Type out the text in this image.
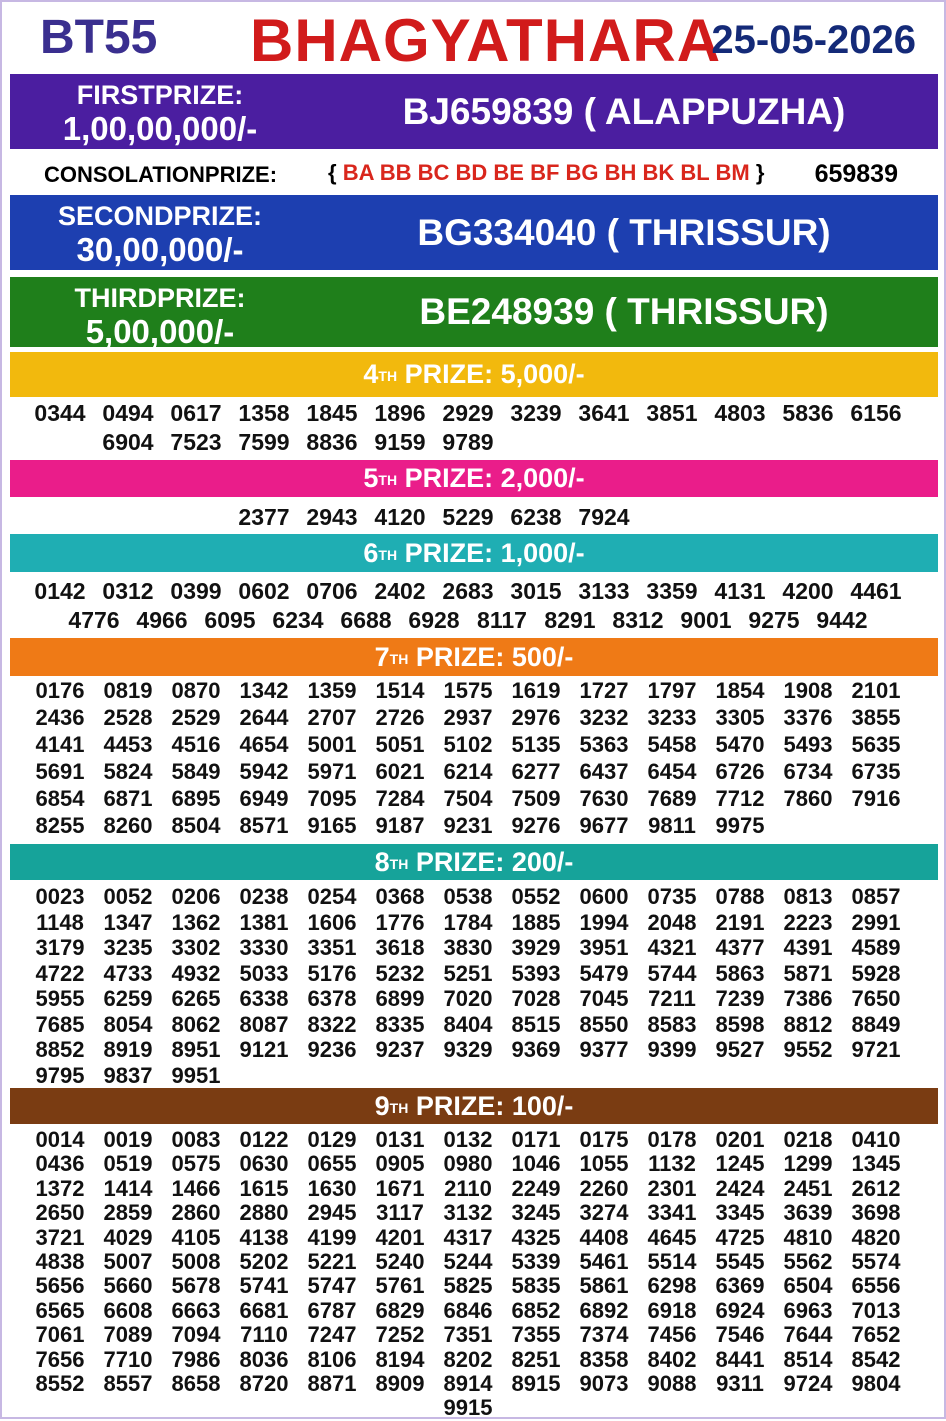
BT55 BHAGYATHARA
25-05-2026
FIRSTPRIZE:
1,00,00,000/-	BJ659839 ( ALAPPUZHA)
CONSOLATIONPRIZE: { BA BB BC BD BE BF BG BH BK BL BM } 659839
SECONDPRIZE:
30,00,000/-	BG334040 ( THRISSUR)
THIRDPRIZE:
5,00,000/-	BE248939 ( THRISSUR)
4TH PRIZE: 5,000/-
0344 0494 0617 1358 1845 1896 2929 3239 3641 3851 4803 5836 6156
6904 7523 7599 8836 9159 9789
5TH PRIZE: 2,000/-
2377 2943 4120 5229 6238 7924
6TH PRIZE: 1,000/-
0142 0312 0399 0602 0706 2402 2683 3015 3133 3359 4131 4200 4461
4776 4966 6095 6234 6688 6928 8117 8291 8312 9001 9275 9442
7TH PRIZE: 500/-
0176 0819 0870 1342 1359 1514 1575 1619 1727 1797 1854 1908 2101
2436 2528 2529 2644 2707 2726 2937 2976 3232 3233 3305 3376 3855
4141 4453 4516 4654 5001 5051 5102 5135 5363 5458 5470 5493 5635
5691 5824 5849 5942 5971 6021 6214 6277 6437 6454 6726 6734 6735
6854 6871 6895 6949 7095 7284 7504 7509 7630 7689 7712 7860 7916
8255 8260 8504 8571 9165 9187 9231 9276 9677 9811 9975
8TH PRIZE: 200/-
0023 0052 0206 0238 0254 0368 0538 0552 0600 0735 0788 0813 0857
1148 1347 1362 1381 1606 1776 1784 1885 1994 2048 2191 2223 2991
3179 3235 3302 3330 3351 3618 3830 3929 3951 4321 4377 4391 4589
4722 4733 4932 5033 5176 5232 5251 5393 5479 5744 5863 5871 5928
5955 6259 6265 6338 6378 6899 7020 7028 7045 7211 7239 7386 7650
7685 8054 8062 8087 8322 8335 8404 8515 8550 8583 8598 8812 8849
8852 8919 8951 9121 9236 9237 9329 9369 9377 9399 9527 9552 9721
9795 9837 9951
9TH PRIZE: 100/-
0014 0019 0083 0122 0129 0131 0132 0171 0175 0178 0201 0218 0410
0436 0519 0575 0630 0655 0905 0980 1046 1055 1132 1245 1299 1345
1372 1414 1466 1615 1630 1671 2110 2249 2260 2301 2424 2451 2612
2650 2859 2860 2880 2945 3117 3132 3245 3274 3341 3345 3639 3698
3721 4029 4105 4138 4199 4201 4317 4325 4408 4645 4725 4810 4820
4838 5007 5008 5202 5221 5240 5244 5339 5461 5514 5545 5562 5574
5656 5660 5678 5741 5747 5761 5825 5835 5861 6298 6369 6504 6556
6565 6608 6663 6681 6787 6829 6846 6852 6892 6918 6924 6963 7013
7061 7089 7094 7110 7247 7252 7351 7355 7374 7456 7546 7644 7652
7656 7710 7986 8036 8106 8194 8202 8251 8358 8402 8441 8514 8542
8552 8557 8658 8720 8871 8909 8914 8915 9073 9088 9311 9724 9804
9915
